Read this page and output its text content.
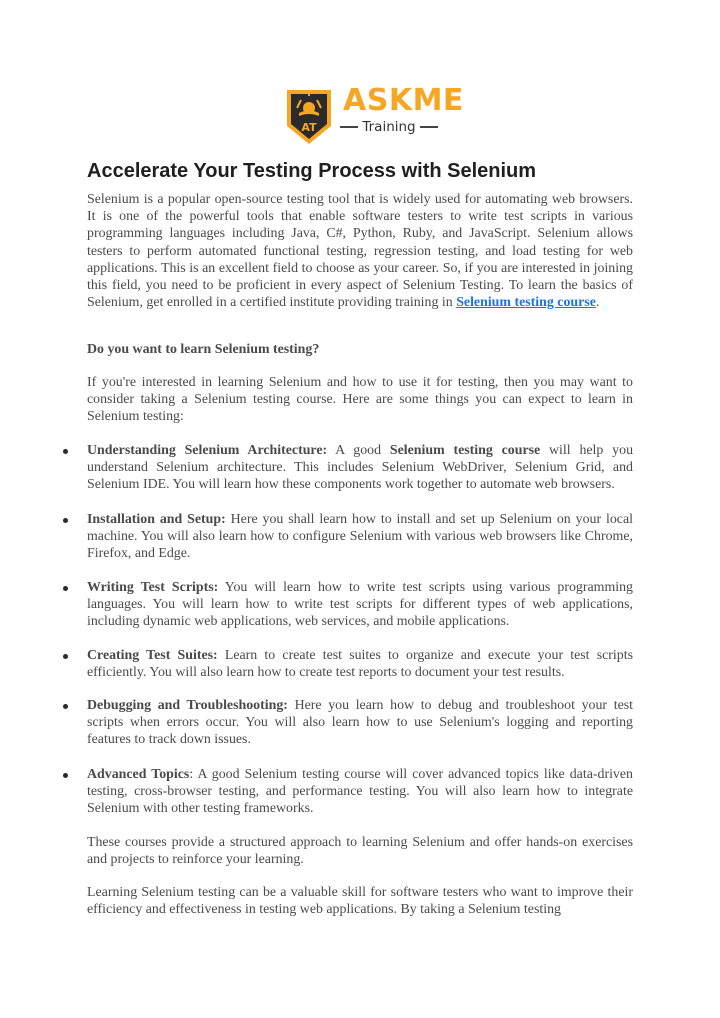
AT
ASKME
Training
Accelerate Your Testing Process with Selenium

Selenium is a popular open-source testing tool that is widely used for automating web browsers. It is one of the powerful tools that enable software testers to write test scripts in various programming languages including Java, C#, Python, Ruby, and JavaScript. Selenium allows testers to perform automated functional testing, regression testing, and load testing for web applications. This is an excellent field to choose as your career. So, if you are interested in joining this field, you need to be proficient in every aspect of Selenium Testing. To learn the basics of Selenium, get enrolled in a certified institute providing training in Selenium testing course.

Do you want to learn Selenium testing?

If you're interested in learning Selenium and how to use it for testing, then you may want to consider taking a Selenium testing course. Here are some things you can expect to learn in Selenium testing:

Understanding Selenium Architecture: A good Selenium testing course will help you understand Selenium architecture. This includes Selenium WebDriver, Selenium Grid, and Selenium IDE. You will learn how these components work together to automate web browsers.
Installation and Setup: Here you shall learn how to install and set up Selenium on your local machine. You will also learn how to configure Selenium with various web browsers like Chrome, Firefox, and Edge.
Writing Test Scripts: You will learn how to write test scripts using various programming languages. You will learn how to write test scripts for different types of web applications, including dynamic web applications, web services, and mobile applications.
Creating Test Suites: Learn to create test suites to organize and execute your test scripts efficiently. You will also learn how to create test reports to document your test results.
Debugging and Troubleshooting: Here you learn how to debug and troubleshoot your test scripts when errors occur. You will also learn how to use Selenium's logging and reporting features to track down issues.
Advanced Topics: A good Selenium testing course will cover advanced topics like data-driven testing, cross-browser testing, and performance testing. You will also learn how to integrate Selenium with other testing frameworks.

These courses provide a structured approach to learning Selenium and offer hands-on exercises and projects to reinforce your learning.

Learning Selenium testing can be a valuable skill for software testers who want to improve their efficiency and effectiveness in testing web applications. By taking a Selenium testing
